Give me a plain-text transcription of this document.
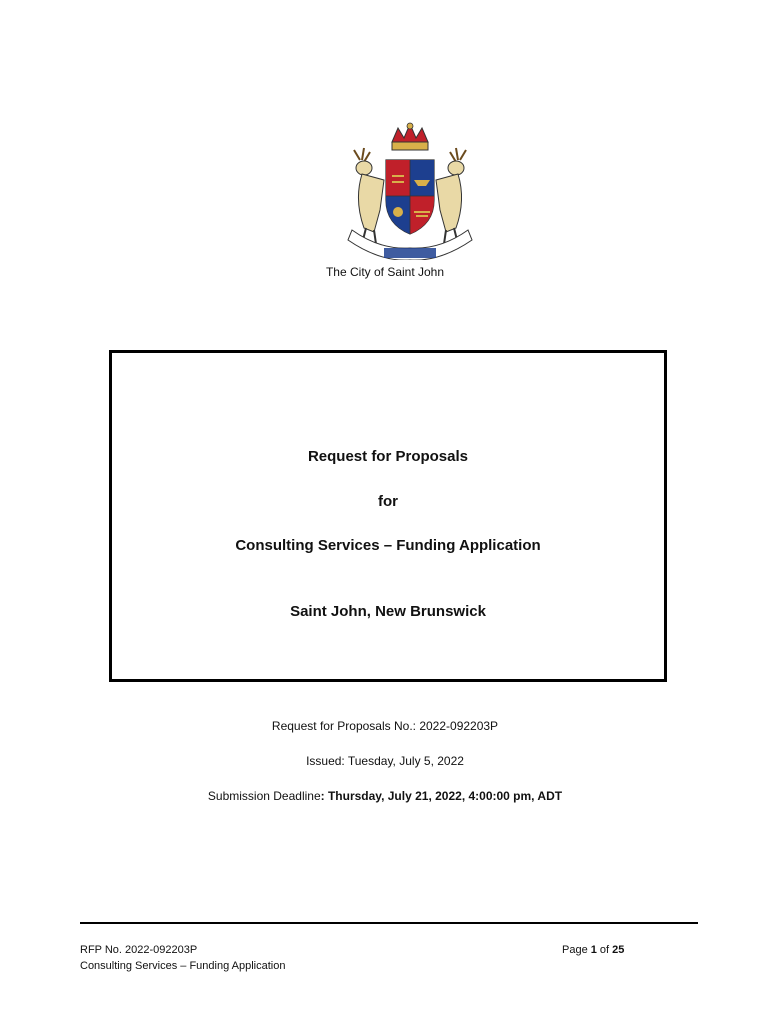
The City of Saint John
Request for Proposals
for
Consulting Services – Funding Application
Saint John, New Brunswick
Request for Proposals No.: 2022-092203P
Issued: Tuesday, July 5, 2022
Submission Deadline: Thursday, July 21, 2022, 4:00:00 pm, ADT
RFP No. 2022-092203P
Consulting Services – Funding Application
Page 1 of 25
